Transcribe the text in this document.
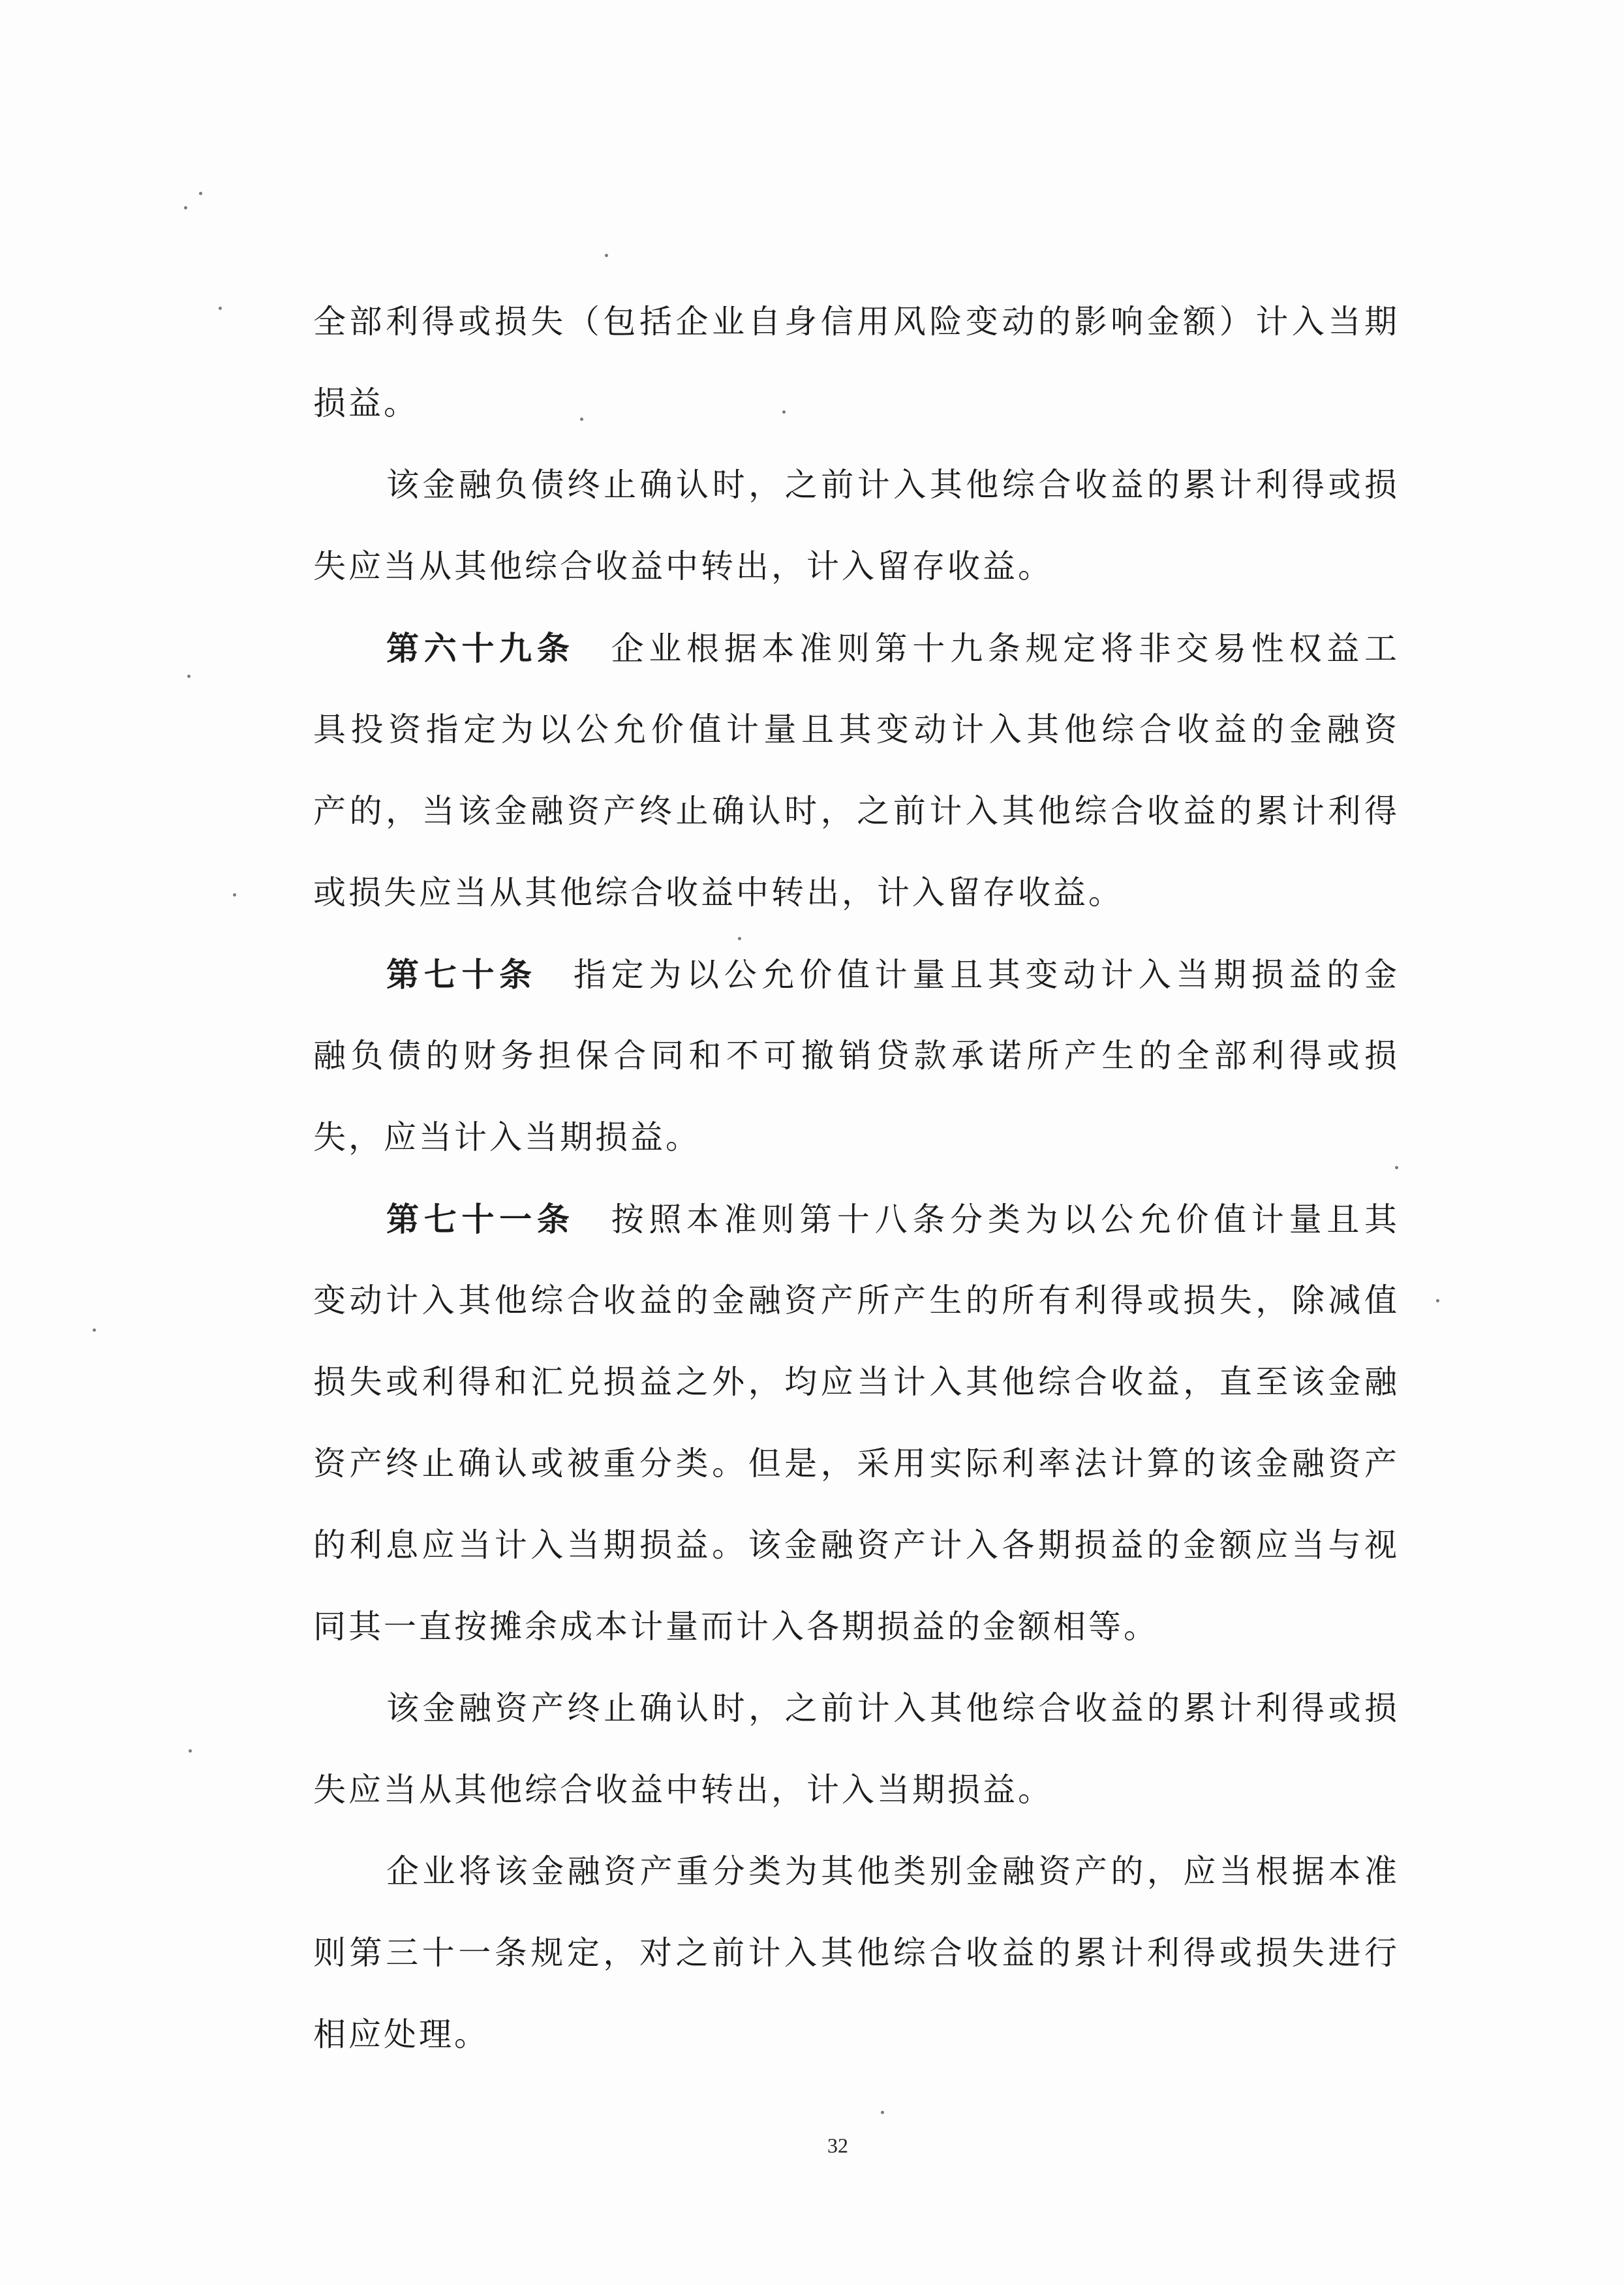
全部利得或损失（包括企业自身信用风险变动的影响金额）计入当期
损益。
该金融负债终止确认时，之前计入其他综合收益的累计利得或损
失应当从其他综合收益中转出，计入留存收益。
第六十九条 企业根据本准则第十九条规定将非交易性权益工
具投资指定为以公允价值计量且其变动计入其他综合收益的金融资
产的，当该金融资产终止确认时，之前计入其他综合收益的累计利得
或损失应当从其他综合收益中转出，计入留存收益。
第七十条 指定为以公允价值计量且其变动计入当期损益的金
融负债的财务担保合同和不可撤销贷款承诺所产生的全部利得或损
失，应当计入当期损益。
第七十一条 按照本准则第十八条分类为以公允价值计量且其
变动计入其他综合收益的金融资产所产生的所有利得或损失，除减值
损失或利得和汇兑损益之外，均应当计入其他综合收益，直至该金融
资产终止确认或被重分类。但是，采用实际利率法计算的该金融资产
的利息应当计入当期损益。该金融资产计入各期损益的金额应当与视
同其一直按摊余成本计量而计入各期损益的金额相等。
该金融资产终止确认时，之前计入其他综合收益的累计利得或损
失应当从其他综合收益中转出，计入当期损益。
企业将该金融资产重分类为其他类别金融资产的，应当根据本准
则第三十一条规定，对之前计入其他综合收益的累计利得或损失进行
相应处理。
32
